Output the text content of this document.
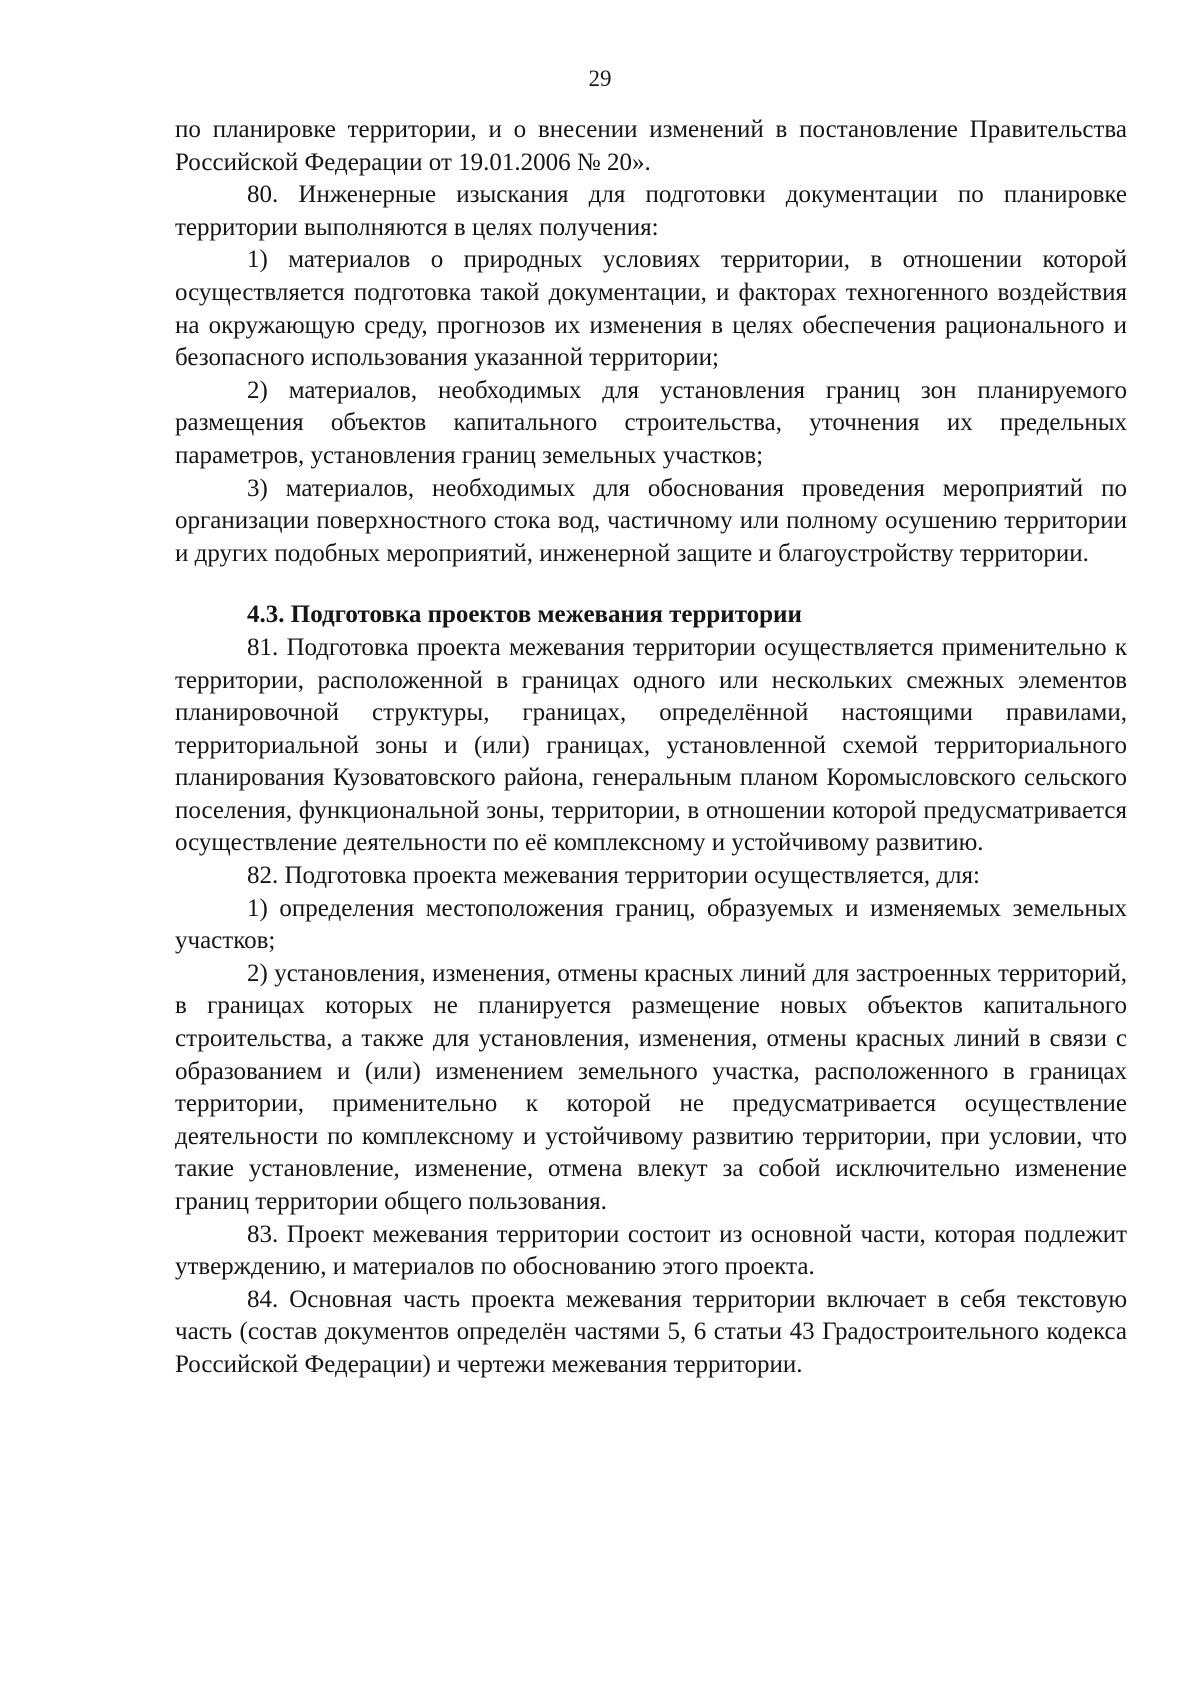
29

по планировке территории, и о внесении изменений в постановление Правительства Российской Федерации от 19.01.2006 № 20».

80. Инженерные изыскания для подготовки документации по планировке территории выполняются в целях получения:

1) материалов о природных условиях территории, в отношении которой осуществляется подготовка такой документации, и факторах техногенного воздействия на окружающую среду, прогнозов их изменения в целях обеспечения рационального и безопасного использования указанной территории;

2) материалов, необходимых для установления границ зон планируемого размещения объектов капитального строительства, уточнения их предельных параметров, установления границ земельных участков;

3) материалов, необходимых для обоснования проведения мероприятий по организации поверхностного стока вод, частичному или полному осушению территории и других подобных мероприятий, инженерной защите и благоустройству территории.

4.3. Подготовка проектов межевания территории

81. Подготовка проекта межевания территории осуществляется применительно к территории, расположенной в границах одного или нескольких смежных элементов планировочной структуры, границах, определённой настоящими правилами, территориальной зоны и (или) границах, установленной схемой территориального планирования Кузоватовского района, генеральным планом Коромысловского сельского поселения, функциональной зоны, территории, в отношении которой предусматривается осуществление деятельности по её комплексному и устойчивому развитию.

82. Подготовка проекта межевания территории осуществляется, для:

1) определения местоположения границ, образуемых и изменяемых земельных участков;

2) установления, изменения, отмены красных линий для застроенных территорий, в границах которых не планируется размещение новых объектов капитального строительства, а также для установления, изменения, отмены красных линий в связи с образованием и (или) изменением земельного участка, расположенного в границах территории, применительно к которой не предусматривается осуществление деятельности по комплексному и устойчивому развитию территории, при условии, что такие установление, изменение, отмена влекут за собой исключительно изменение границ территории общего пользования.

83. Проект межевания территории состоит из основной части, которая подлежит утверждению, и материалов по обоснованию этого проекта.

84. Основная часть проекта межевания территории включает в себя текстовую часть (состав документов определён частями 5, 6 статьи 43 Градостроительного кодекса Российской Федерации) и чертежи межевания территории.
